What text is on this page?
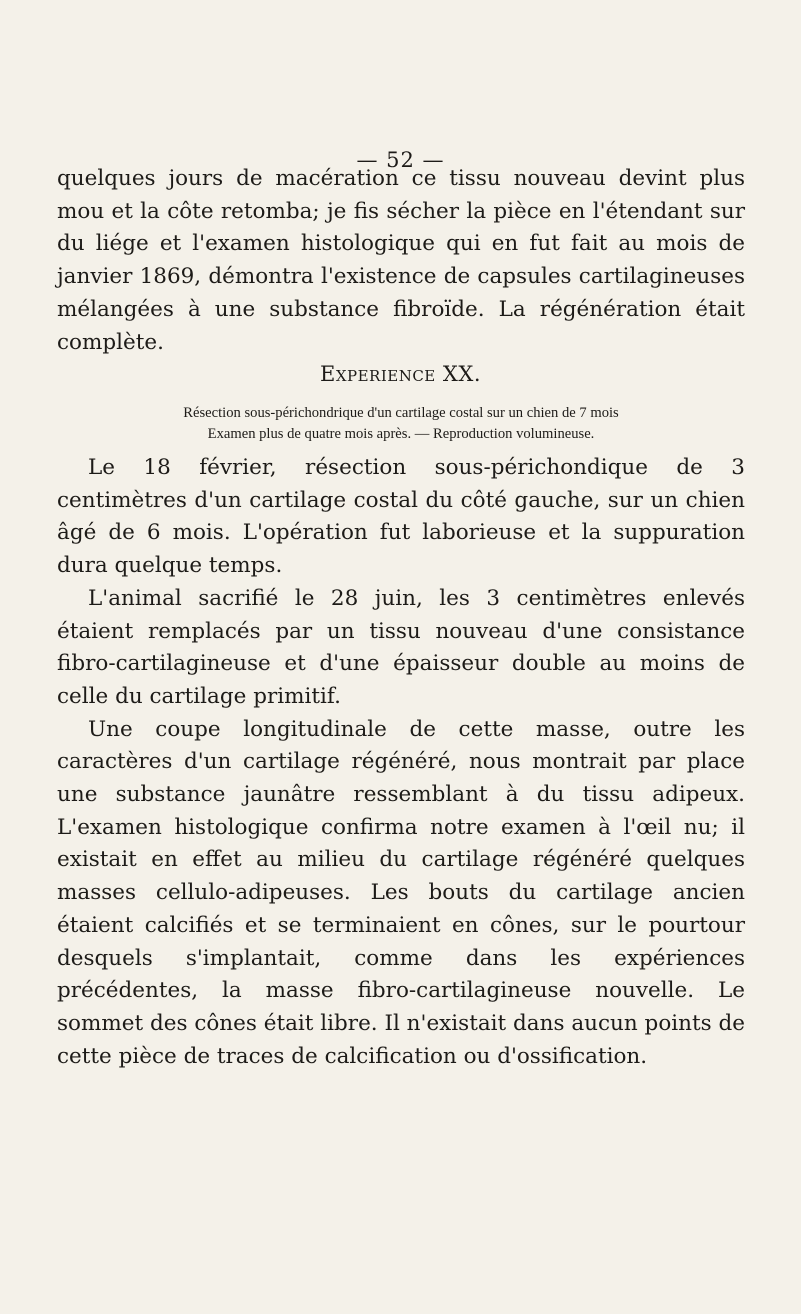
— 52 —

quelques jours de macération ce tissu nouveau devint plus mou et la côte retomba; je fis sécher la pièce en l'étendant sur du liége et l'examen histologique qui en fut fait au mois de janvier 1869, démontra l'existence de capsules cartilagineuses mélangées à une substance fibroïde. La régénération était complète.

Experience XX.
Résection sous-périchondrique d'un cartilage costal sur un chien de 7 mois
Examen plus de quatre mois après. — Reproduction volumineuse.

Le 18 février, résection sous-périchondique de 3 centimètres d'un cartilage costal du côté gauche, sur un chien âgé de 6 mois. L'opération fut laborieuse et la suppuration dura quelque temps.

L'animal sacrifié le 28 juin, les 3 centimètres enlevés étaient remplacés par un tissu nouveau d'une consistance fibro-cartilagineuse et d'une épaisseur double au moins de celle du cartilage primitif.

Une coupe longitudinale de cette masse, outre les caractères d'un cartilage régénéré, nous montrait par place une substance jaunâtre ressemblant à du tissu adipeux. L'examen histologique confirma notre examen à l'œil nu; il existait en effet au milieu du cartilage régénéré quelques masses cellulo-adipeuses. Les bouts du cartilage ancien étaient calcifiés et se terminaient en cônes, sur le pourtour desquels s'implantait, comme dans les expériences précédentes, la masse fibro-cartilagineuse nouvelle. Le sommet des cônes était libre. Il n'existait dans aucun points de cette pièce de traces de calcification ou d'ossification.
